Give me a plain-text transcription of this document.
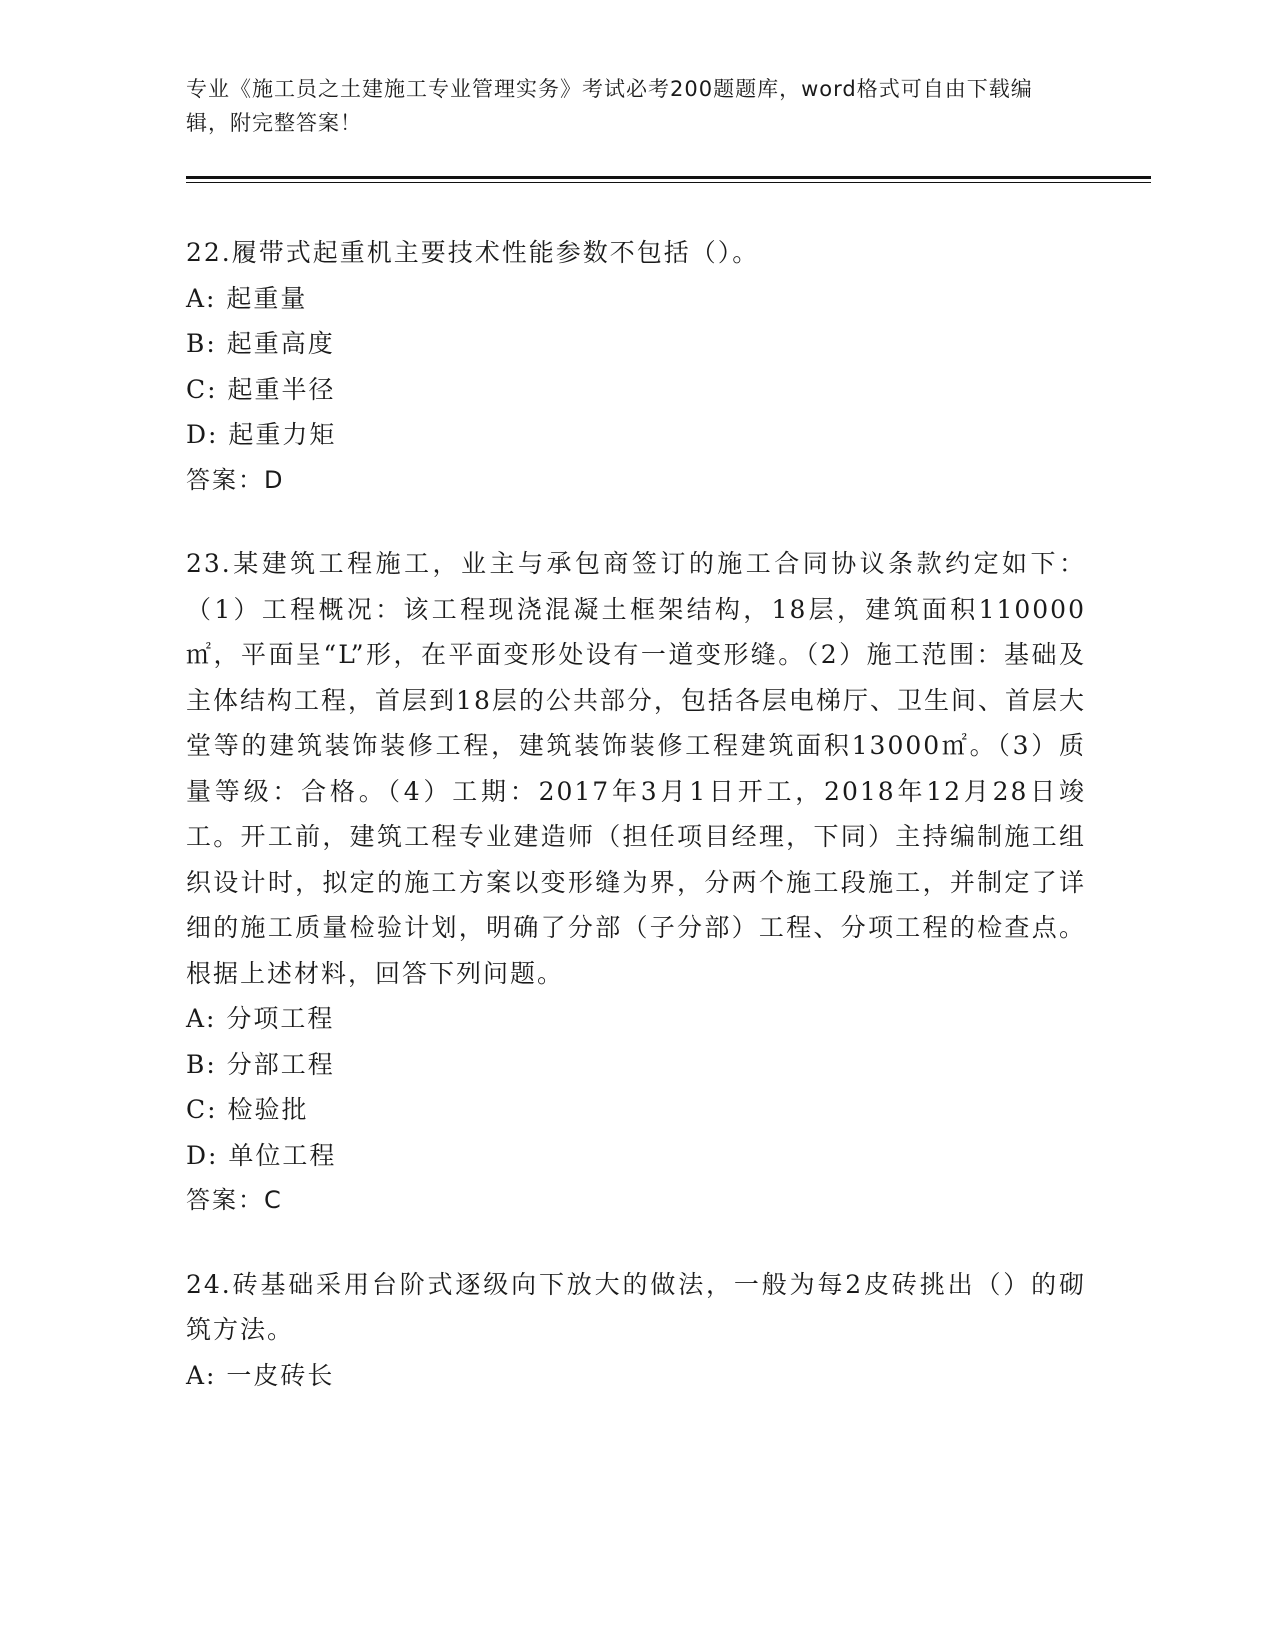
专业《施工员之土建施工专业管理实务》考试必考200题题库，word格式可自由下载编辑，附完整答案！

22.履带式起重机主要技术性能参数不包括（）。

A: 起重量

B: 起重高度

C: 起重半径

D: 起重力矩

答案：D

23.某建筑工程施工，业主与承包商签订的施工合同协议条款约定如下：（1）工程概况：该工程现浇混凝土框架结构，18层，建筑面积110000㎡，平面呈“L”形，在平面变形处设有一道变形缝。（2）施工范围：基础及主体结构工程，首层到18层的公共部分，包括各层电梯厅、卫生间、首层大堂等的建筑装饰装修工程，建筑装饰装修工程建筑面积13000㎡。（3）质量等级：合格。（4）工期：2017年3月1日开工，2018年12月28日竣工。开工前，建筑工程专业建造师（担任项目经理，下同）主持编制施工组织设计时，拟定的施工方案以变形缝为界，分两个施工段施工，并制定了详细的施工质量检验计划，明确了分部（子分部）工程、分项工程的检查点。根据上述材料，回答下列问题。

A: 分项工程

B: 分部工程

C: 检验批

D: 单位工程

答案：C

24.砖基础采用台阶式逐级向下放大的做法，一般为每2皮砖挑出（）的砌筑方法。

A: 一皮砖长
